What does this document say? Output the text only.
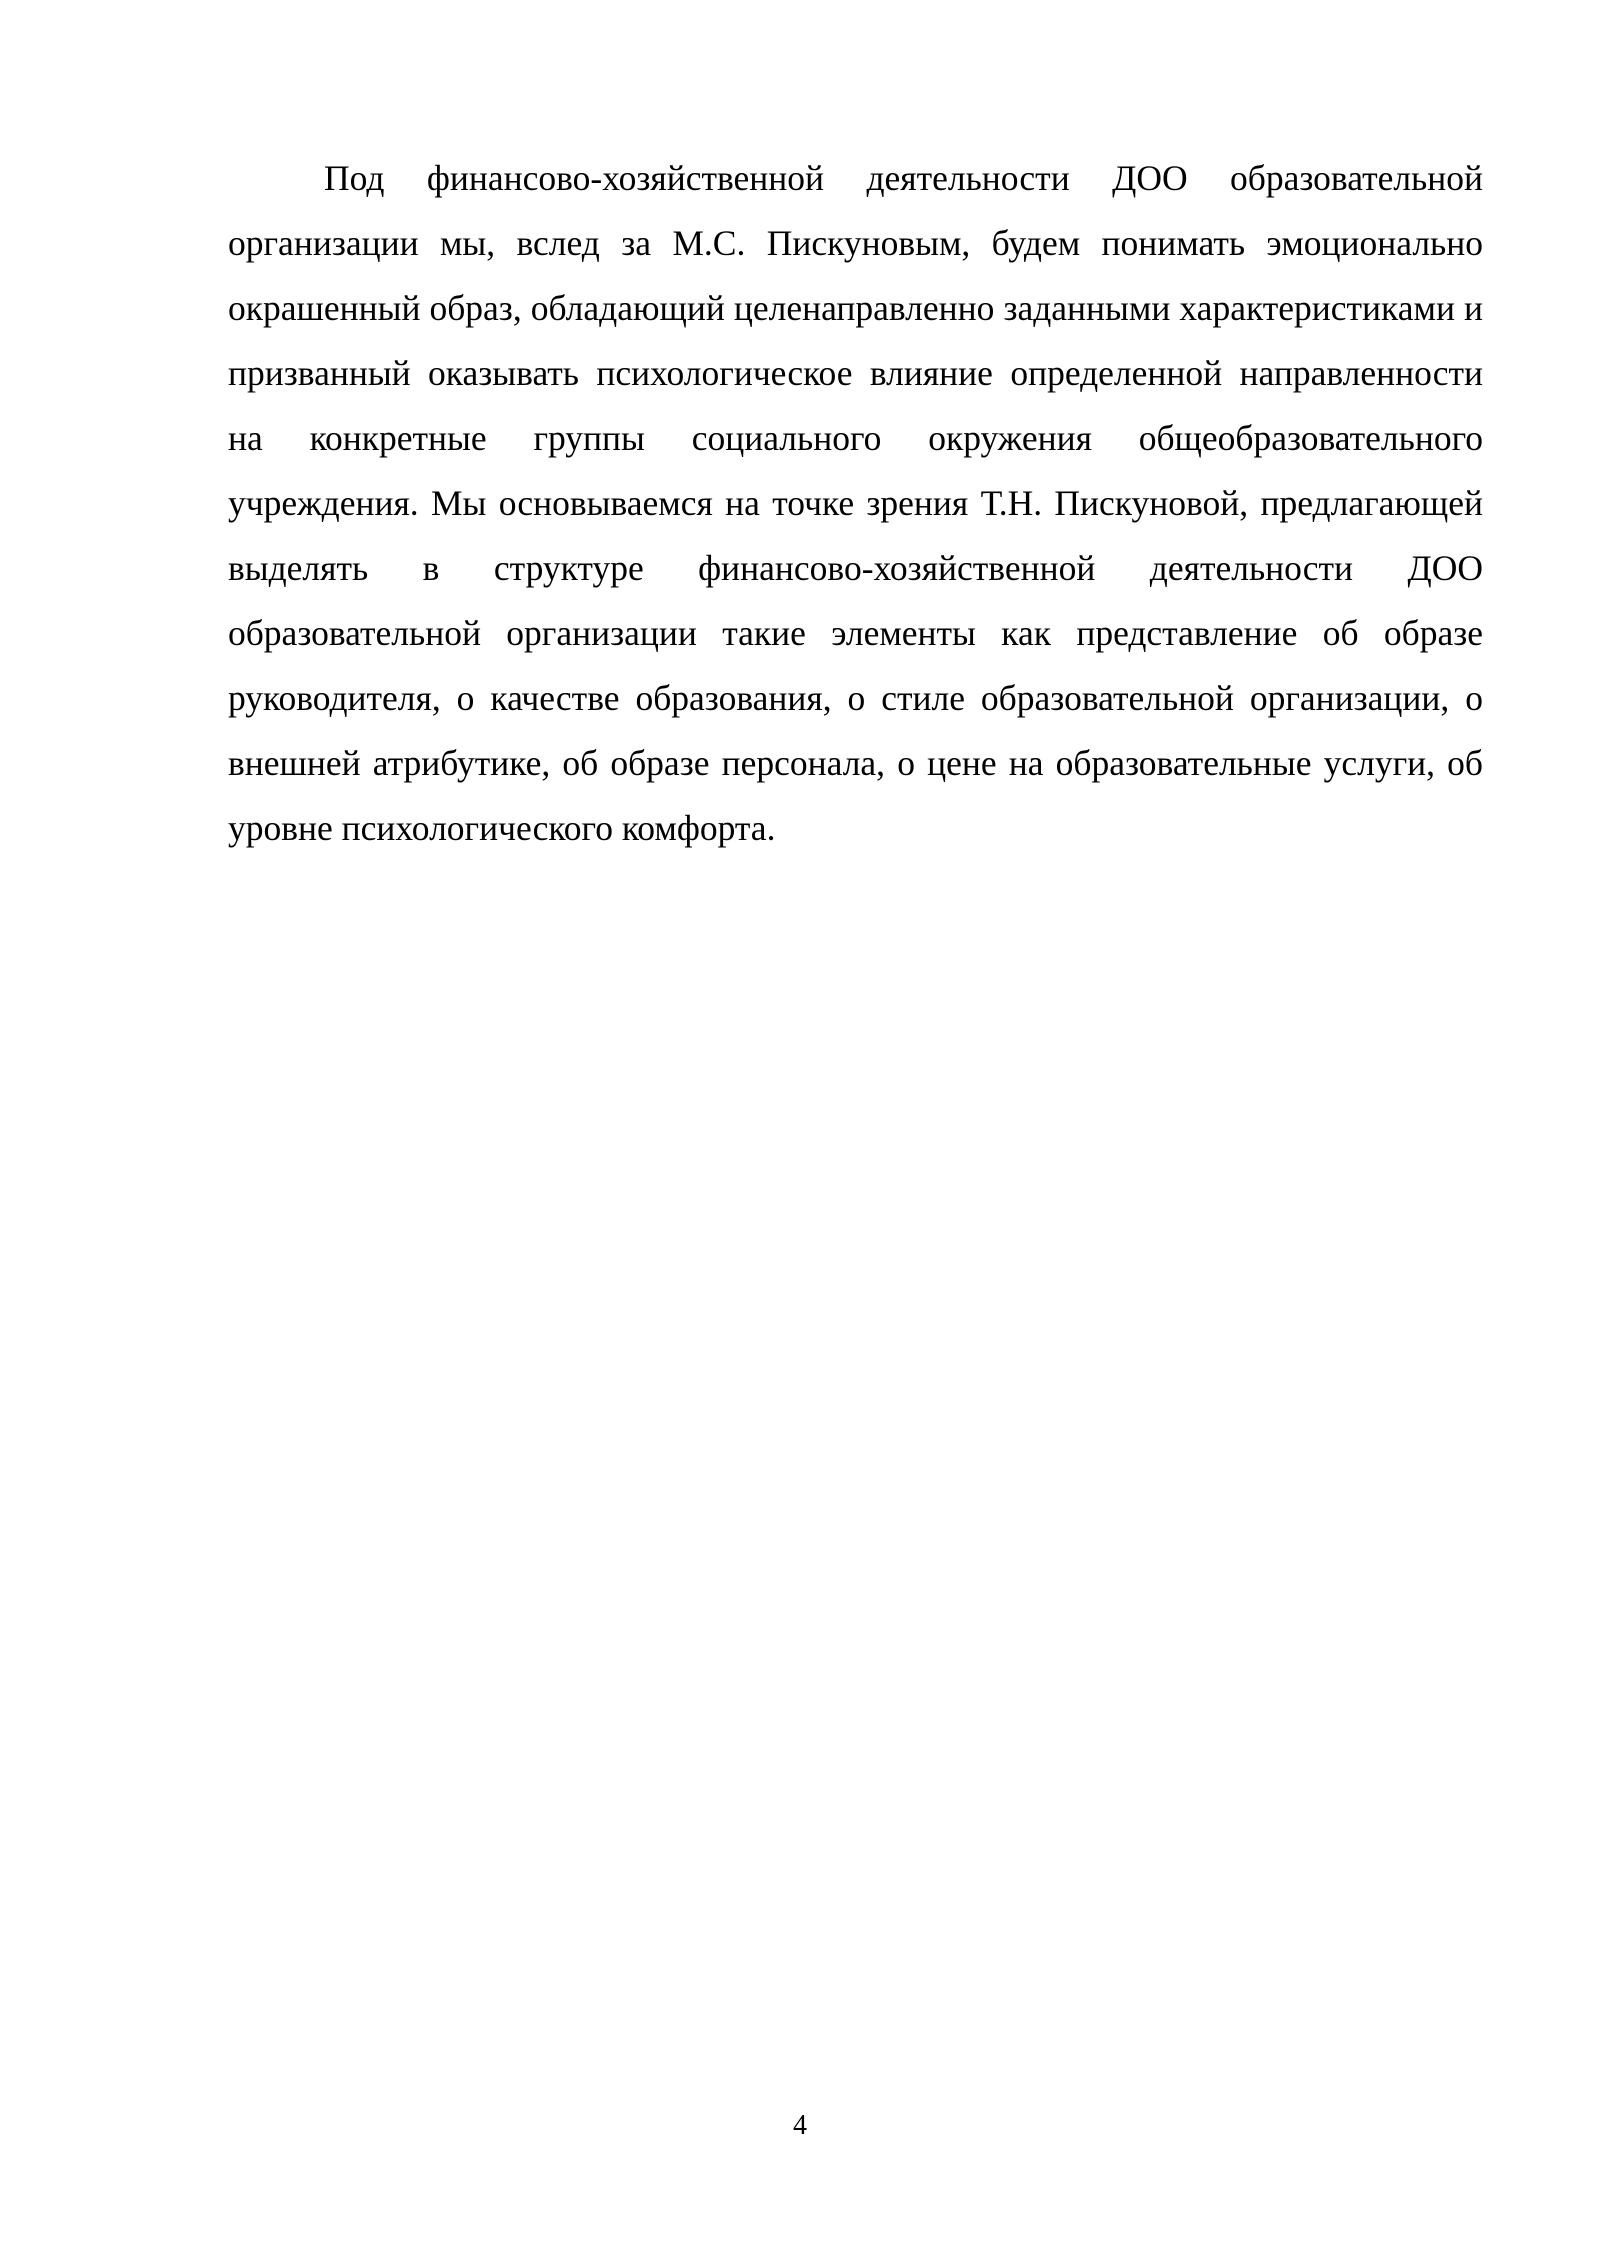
Под финансово-хозяйственной деятельности ДОО образовательной организации мы, вслед за М.С. Пискуновым, будем понимать эмоционально окрашенный образ, обладающий целенаправленно заданными характеристиками и призванный оказывать психологическое влияние определенной направленности на конкретные группы социального окружения общеобразовательного учреждения. Мы основываемся на точке зрения Т.Н. Пискуновой, предлагающей выделять в структуре финансово-хозяйственной деятельности ДОО образовательной организации такие элементы как представление об образе руководителя, о качестве образования, о стиле образовательной организации, о внешней атрибутике, об образе персонала, о цене на образовательные услуги, об уровне психологического комфорта.

4
